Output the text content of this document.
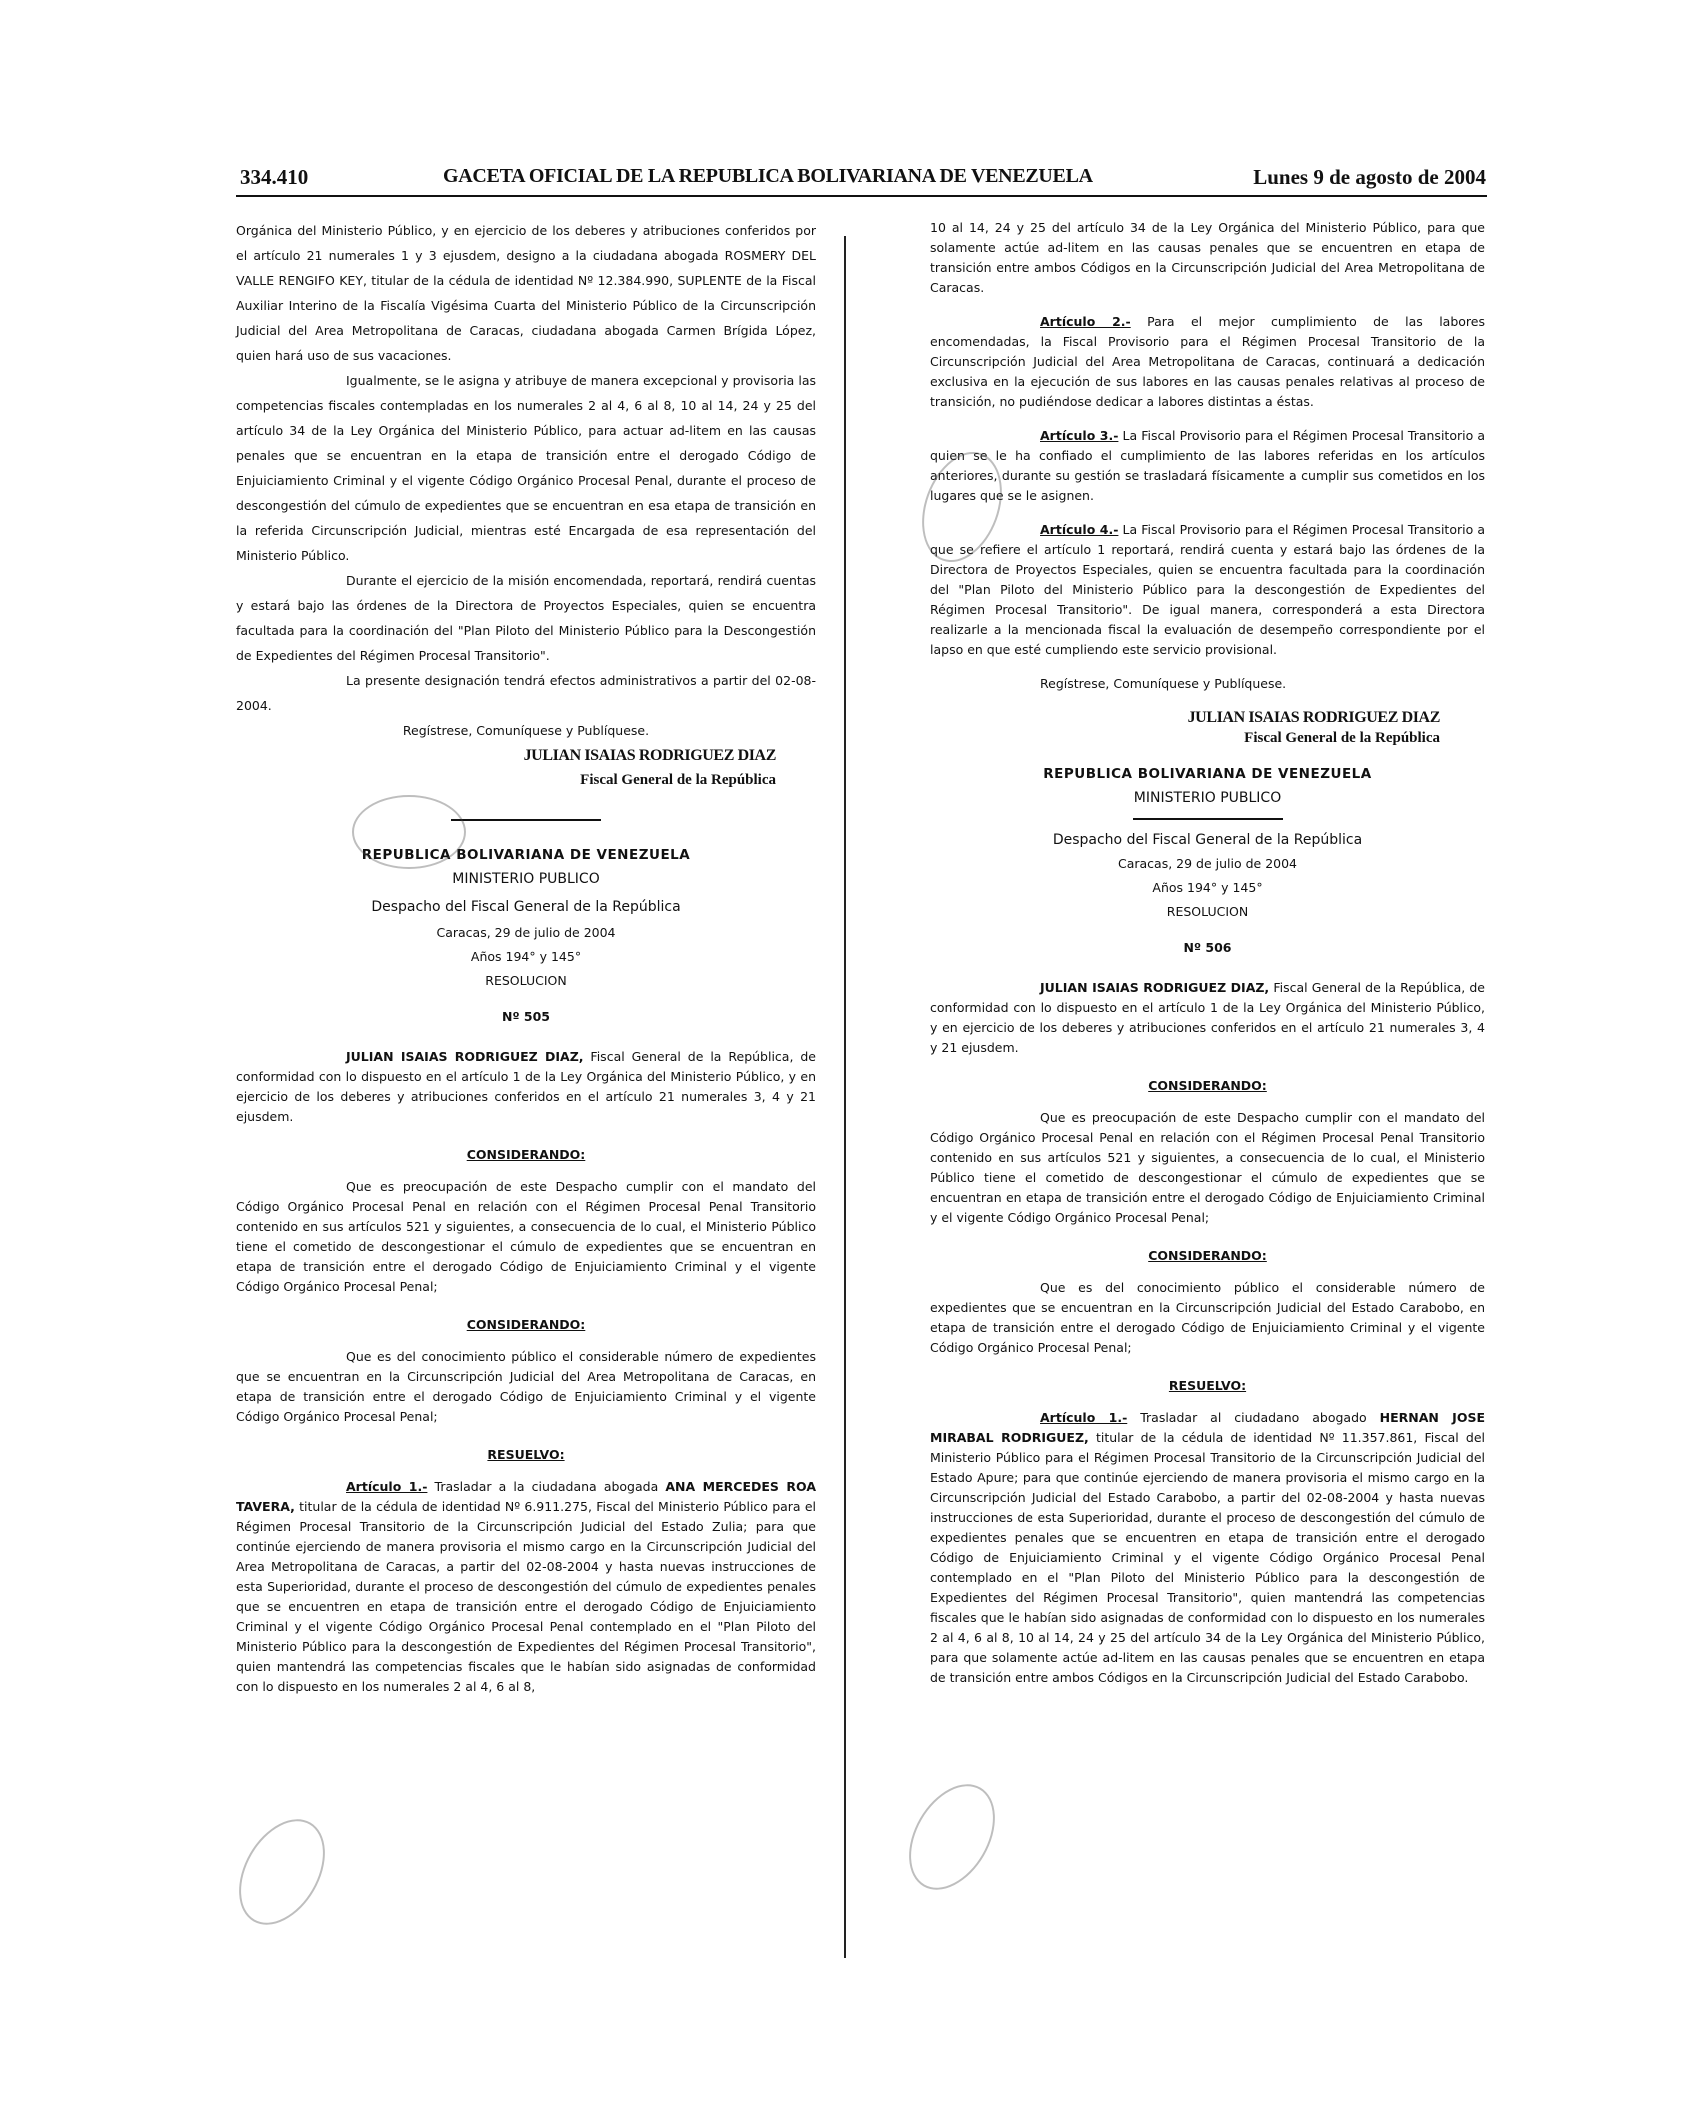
334.410	GACETA OFICIAL DE LA REPUBLICA BOLIVARIANA DE VENEZUELA	Lunes 9 de agosto de 2004

Orgánica del Ministerio Público, y en ejercicio de los deberes y atribuciones conferidos por el artículo 21 numerales 1 y 3 ejusdem, designo a la ciudadana abogada ROSMERY DEL VALLE RENGIFO KEY, titular de la cédula de identidad Nº 12.384.990, SUPLENTE de la Fiscal Auxiliar Interino de la Fiscalía Vigésima Cuarta del Ministerio Público de la Circunscripción Judicial del Area Metropolitana de Caracas, ciudadana abogada Carmen Brígida López, quien hará uso de sus vacaciones.

Igualmente, se le asigna y atribuye de manera excepcional y provisoria las competencias fiscales contempladas en los numerales 2 al 4, 6 al 8, 10 al 14, 24 y 25 del artículo 34 de la Ley Orgánica del Ministerio Público, para actuar ad-litem en las causas penales que se encuentran en la etapa de transición entre el derogado Código de Enjuiciamiento Criminal y el vigente Código Orgánico Procesal Penal, durante el proceso de descongestión del cúmulo de expedientes que se encuentran en esa etapa de transición en la referida Circunscripción Judicial, mientras esté Encargada de esa representación del Ministerio Público.

Durante el ejercicio de la misión encomendada, reportará, rendirá cuentas y estará bajo las órdenes de la Directora de Proyectos Especiales, quien se encuentra facultada para la coordinación del "Plan Piloto del Ministerio Público para la Descongestión de Expedientes del Régimen Procesal Transitorio".

La presente designación tendrá efectos administrativos a partir del 02-08-2004.

Regístrese, Comuníquese y Publíquese.

JULIAN ISAIAS RODRIGUEZ DIAZ
Fiscal General de la República
REPUBLICA BOLIVARIANA DE VENEZUELA
MINISTERIO PUBLICO
Despacho del Fiscal General de la República
Caracas, 29 de julio de 2004
Años 194° y 145°
RESOLUCION
Nº 505

JULIAN ISAIAS RODRIGUEZ DIAZ, Fiscal General de la República, de conformidad con lo dispuesto en el artículo 1 de la Ley Orgánica del Ministerio Público, y en ejercicio de los deberes y atribuciones conferidos en el artículo 21 numerales 3, 4 y 21 ejusdem.

CONSIDERANDO:

Que es preocupación de este Despacho cumplir con el mandato del Código Orgánico Procesal Penal en relación con el Régimen Procesal Penal Transitorio contenido en sus artículos 521 y siguientes, a consecuencia de lo cual, el Ministerio Público tiene el cometido de descongestionar el cúmulo de expedientes que se encuentran en etapa de transición entre el derogado Código de Enjuiciamiento Criminal y el vigente Código Orgánico Procesal Penal;

CONSIDERANDO:

Que es del conocimiento público el considerable número de expedientes que se encuentran en la Circunscripción Judicial del Area Metropolitana de Caracas, en etapa de transición entre el derogado Código de Enjuiciamiento Criminal y el vigente Código Orgánico Procesal Penal;

RESUELVO:

Artículo 1.- Trasladar a la ciudadana abogada ANA MERCEDES ROA TAVERA, titular de la cédula de identidad Nº 6.911.275, Fiscal del Ministerio Público para el Régimen Procesal Transitorio de la Circunscripción Judicial del Estado Zulia; para que continúe ejerciendo de manera provisoria el mismo cargo en la Circunscripción Judicial del Area Metropolitana de Caracas, a partir del 02-08-2004 y hasta nuevas instrucciones de esta Superioridad, durante el proceso de descongestión del cúmulo de expedientes penales que se encuentren en etapa de transición entre el derogado Código de Enjuiciamiento Criminal y el vigente Código Orgánico Procesal Penal contemplado en el "Plan Piloto del Ministerio Público para la descongestión de Expedientes del Régimen Procesal Transitorio", quien mantendrá las competencias fiscales que le habían sido asignadas de conformidad con lo dispuesto en los numerales 2 al 4, 6 al 8,

10 al 14, 24 y 25 del artículo 34 de la Ley Orgánica del Ministerio Público, para que solamente actúe ad-litem en las causas penales que se encuentren en etapa de transición entre ambos Códigos en la Circunscripción Judicial del Area Metropolitana de Caracas.

Artículo 2.- Para el mejor cumplimiento de las labores encomendadas, la Fiscal Provisorio para el Régimen Procesal Transitorio de la Circunscripción Judicial del Area Metropolitana de Caracas, continuará a dedicación exclusiva en la ejecución de sus labores en las causas penales relativas al proceso de transición, no pudiéndose dedicar a labores distintas a éstas.

Artículo 3.- La Fiscal Provisorio para el Régimen Procesal Transitorio a quien se le ha confiado el cumplimiento de las labores referidas en los artículos anteriores, durante su gestión se trasladará físicamente a cumplir sus cometidos en los lugares que se le asignen.

Artículo 4.- La Fiscal Provisorio para el Régimen Procesal Transitorio a que se refiere el artículo 1 reportará, rendirá cuenta y estará bajo las órdenes de la Directora de Proyectos Especiales, quien se encuentra facultada para la coordinación del "Plan Piloto del Ministerio Público para la descongestión de Expedientes del Régimen Procesal Transitorio". De igual manera, corresponderá a esta Directora realizarle a la mencionada fiscal la evaluación de desempeño correspondiente por el lapso en que esté cumpliendo este servicio provisional.

Regístrese, Comuníquese y Publíquese.

JULIAN ISAIAS RODRIGUEZ DIAZ
Fiscal General de la República
REPUBLICA BOLIVARIANA DE VENEZUELA
MINISTERIO PUBLICO
Despacho del Fiscal General de la República
Caracas, 29 de julio de 2004
Años 194° y 145°
RESOLUCION
Nº 506

JULIAN ISAIAS RODRIGUEZ DIAZ, Fiscal General de la República, de conformidad con lo dispuesto en el artículo 1 de la Ley Orgánica del Ministerio Público, y en ejercicio de los deberes y atribuciones conferidos en el artículo 21 numerales 3, 4 y 21 ejusdem.

CONSIDERANDO:

Que es preocupación de este Despacho cumplir con el mandato del Código Orgánico Procesal Penal en relación con el Régimen Procesal Penal Transitorio contenido en sus artículos 521 y siguientes, a consecuencia de lo cual, el Ministerio Público tiene el cometido de descongestionar el cúmulo de expedientes que se encuentran en etapa de transición entre el derogado Código de Enjuiciamiento Criminal y el vigente Código Orgánico Procesal Penal;

CONSIDERANDO:

Que es del conocimiento público el considerable número de expedientes que se encuentran en la Circunscripción Judicial del Estado Carabobo, en etapa de transición entre el derogado Código de Enjuiciamiento Criminal y el vigente Código Orgánico Procesal Penal;

RESUELVO:

Artículo 1.- Trasladar al ciudadano abogado HERNAN JOSE MIRABAL RODRIGUEZ, titular de la cédula de identidad Nº 11.357.861, Fiscal del Ministerio Público para el Régimen Procesal Transitorio de la Circunscripción Judicial del Estado Apure; para que continúe ejerciendo de manera provisoria el mismo cargo en la Circunscripción Judicial del Estado Carabobo, a partir del 02-08-2004 y hasta nuevas instrucciones de esta Superioridad, durante el proceso de descongestión del cúmulo de expedientes penales que se encuentren en etapa de transición entre el derogado Código de Enjuiciamiento Criminal y el vigente Código Orgánico Procesal Penal contemplado en el "Plan Piloto del Ministerio Público para la descongestión de Expedientes del Régimen Procesal Transitorio", quien mantendrá las competencias fiscales que le habían sido asignadas de conformidad con lo dispuesto en los numerales 2 al 4, 6 al 8, 10 al 14, 24 y 25 del artículo 34 de la Ley Orgánica del Ministerio Público, para que solamente actúe ad-litem en las causas penales que se encuentren en etapa de transición entre ambos Códigos en la Circunscripción Judicial del Estado Carabobo.
